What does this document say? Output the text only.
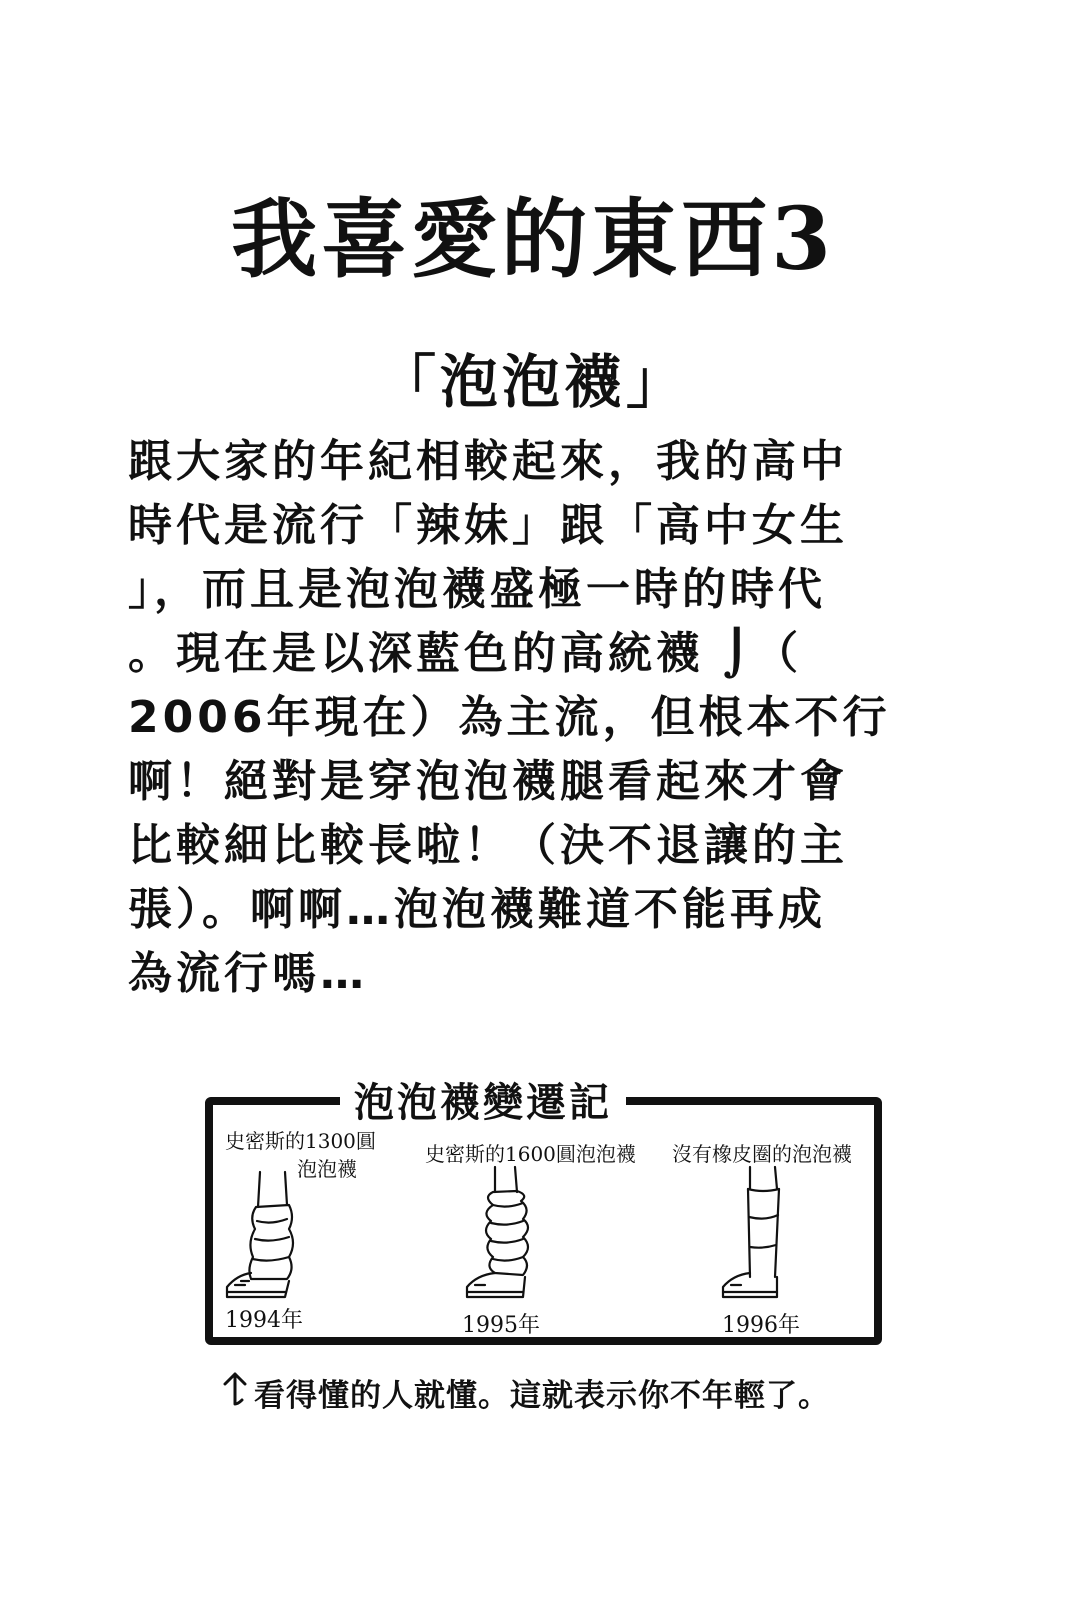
我喜愛的東西3
「泡泡襪」
跟大家的年紀相較起來，我的高中
時代是流行「辣妹」跟「高中女生
」，而且是泡泡襪盛極一時的時代
。現在是以深藍色的高統襪 ⌡（
2006年現在）為主流，但根本不行
啊！絕對是穿泡泡襪腿看起來才會
比較細比較長啦！（決不退讓的主
張）。啊啊…泡泡襪難道不能再成
為流行嗎…
泡泡襪變遷記
史密斯的1300圓
泡泡襪
史密斯的1600圓泡泡襪 沒有橡皮圈的泡泡襪
1994年	1995年	1996年
看得懂的人就懂。這就表示你不年輕了。
